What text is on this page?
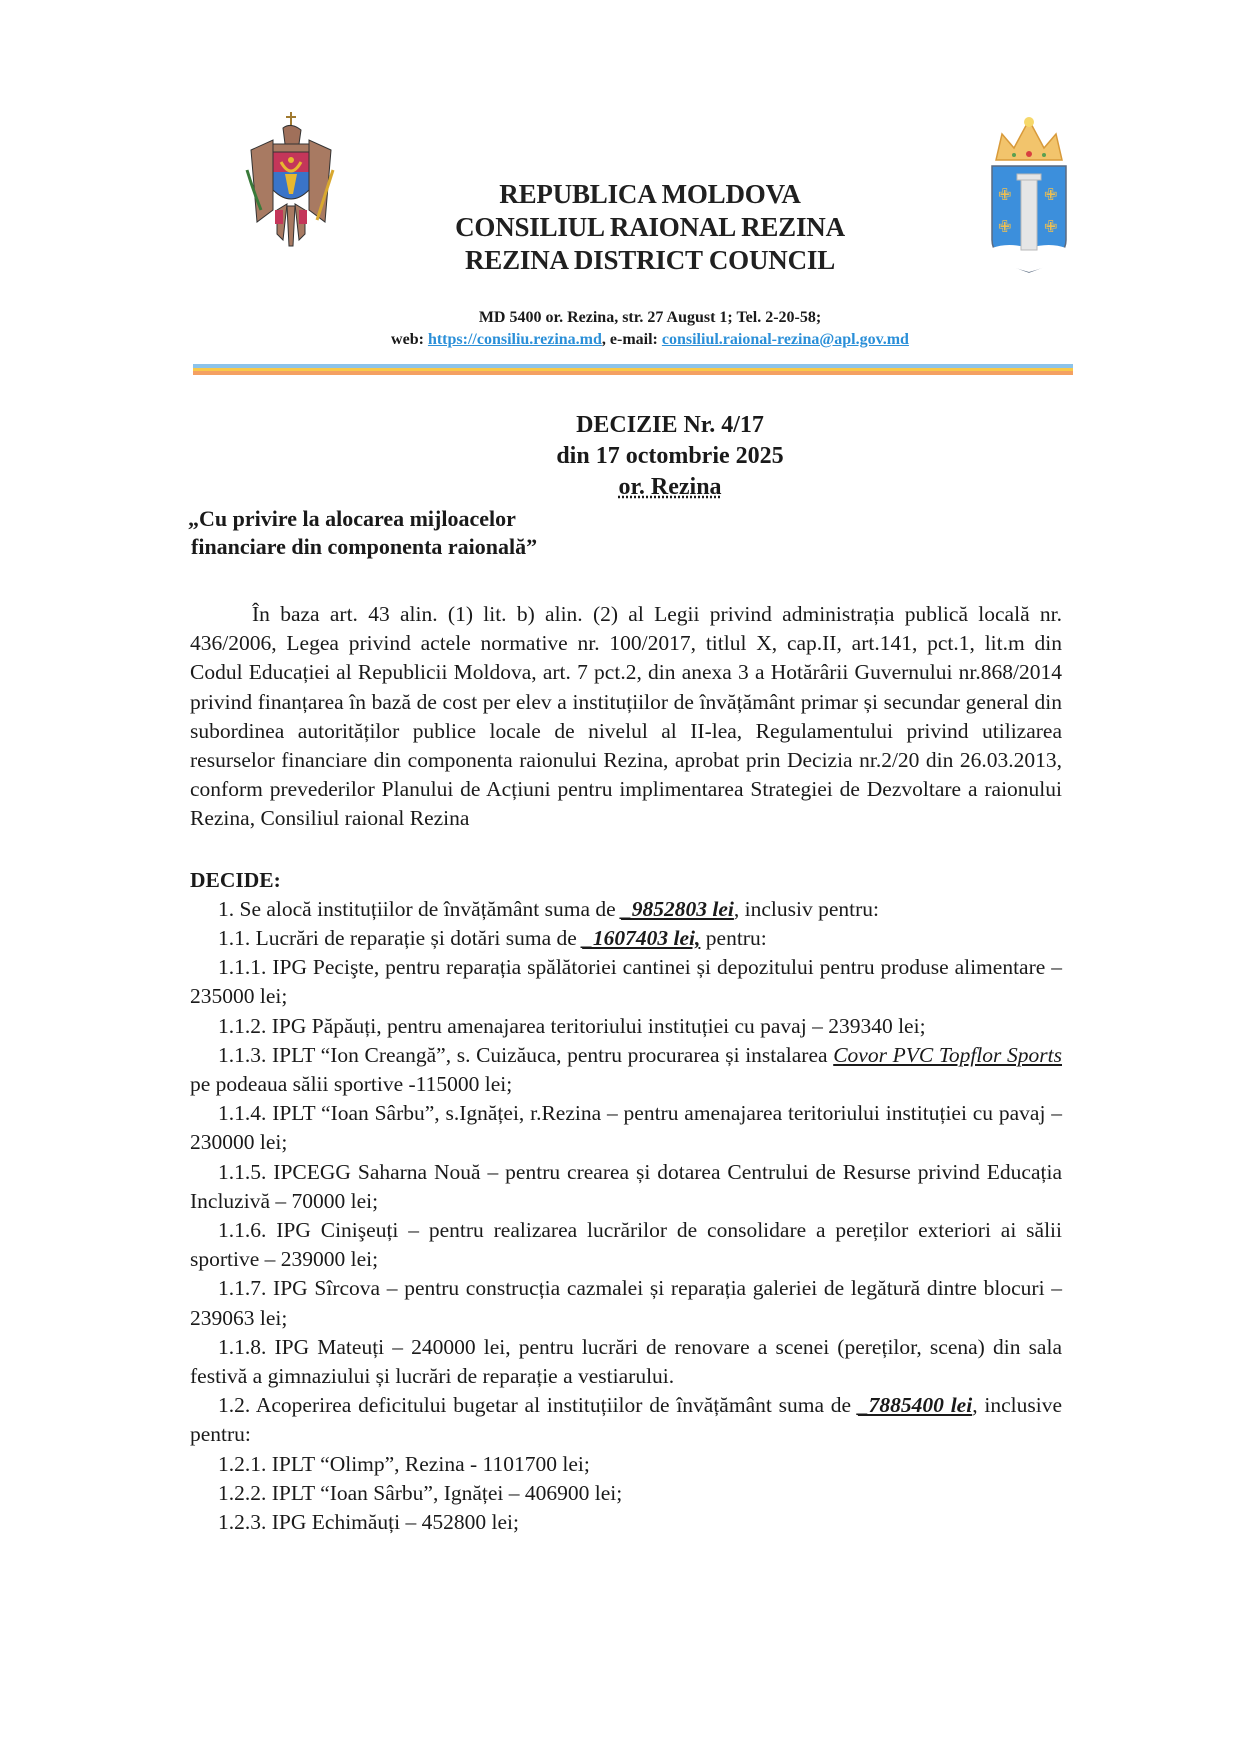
REPUBLICA MOLDOVA
CONSILIUL RAIONAL REZINA
REZINA DISTRICT COUNCIL
✙ ✙
✙ ✙
MD 5400 or. Rezina, str. 27 August 1; Tel. 2-20-58;
web: https://consiliu.rezina.md, e-mail: consiliul.raional-rezina@apl.gov.md
DECIZIE Nr. 4/17
din 17 octombrie 2025
or. Rezina
„Cu privire la alocarea mijloacelor
financiare din componenta raională”

În baza art. 43 alin. (1) lit. b) alin. (2) al Legii privind administrația publică locală nr. 436/2006, Legea privind actele normative nr. 100/2017, titlul X, cap.II, art.141, pct.1, lit.m din Codul Educației al Republicii Moldova, art. 7 pct.2, din anexa 3 a Hotărârii Guvernului nr.868/2014 privind finanțarea în bază de cost per elev a instituțiilor de învățământ primar și secundar general din subordinea autorităților publice locale de nivelul al II-lea, Regulamentului privind utilizarea resurselor financiare din componenta raionului Rezina, aprobat prin Decizia nr.2/20 din 26.03.2013, conform prevederilor Planului de Acțiuni pentru implimentarea Strategiei de Dezvoltare a raionului Rezina, Consiliul raional Rezina

DECIDE:

1. Se alocă instituțiilor de învățământ suma de _9852803 lei, inclusiv pentru:

1.1. Lucrări de reparație și dotări suma de _1607403 lei, pentru:

1.1.1. IPG Pecişte, pentru reparația spălătoriei cantinei și depozitului pentru produse alimentare – 235000 lei;

1.1.2. IPG Păpăuți, pentru amenajarea teritoriului instituției cu pavaj – 239340 lei;

1.1.3. IPLT “Ion Creangă”, s. Cuizăuca, pentru procurarea și instalarea Covor PVC Topflor Sports pe podeaua sălii sportive -115000 lei;

1.1.4. IPLT “Ioan Sârbu”, s.Ignăței, r.Rezina – pentru amenajarea teritoriului instituției cu pavaj – 230000 lei;

1.1.5. IPCEGG Saharna Nouă – pentru crearea și dotarea Centrului de Resurse privind Educația Incluzivă – 70000 lei;

1.1.6. IPG Cinişeuți – pentru realizarea lucrărilor de consolidare a pereților exteriori ai sălii sportive – 239000 lei;

1.1.7. IPG Sîrcova – pentru construcția cazmalei și reparația galeriei de legătură dintre blocuri – 239063 lei;

1.1.8. IPG Mateuți – 240000 lei, pentru lucrări de renovare a scenei (pereților, scena) din sala festivă a gimnaziului și lucrări de reparație a vestiarului.

1.2. Acoperirea deficitului bugetar al instituțiilor de învățământ suma de _7885400 lei, inclusive pentru:

1.2.1. IPLT “Olimp”, Rezina - 1101700 lei;

1.2.2. IPLT “Ioan Sârbu”, Ignăței – 406900 lei;

1.2.3. IPG Echimăuți – 452800 lei;
